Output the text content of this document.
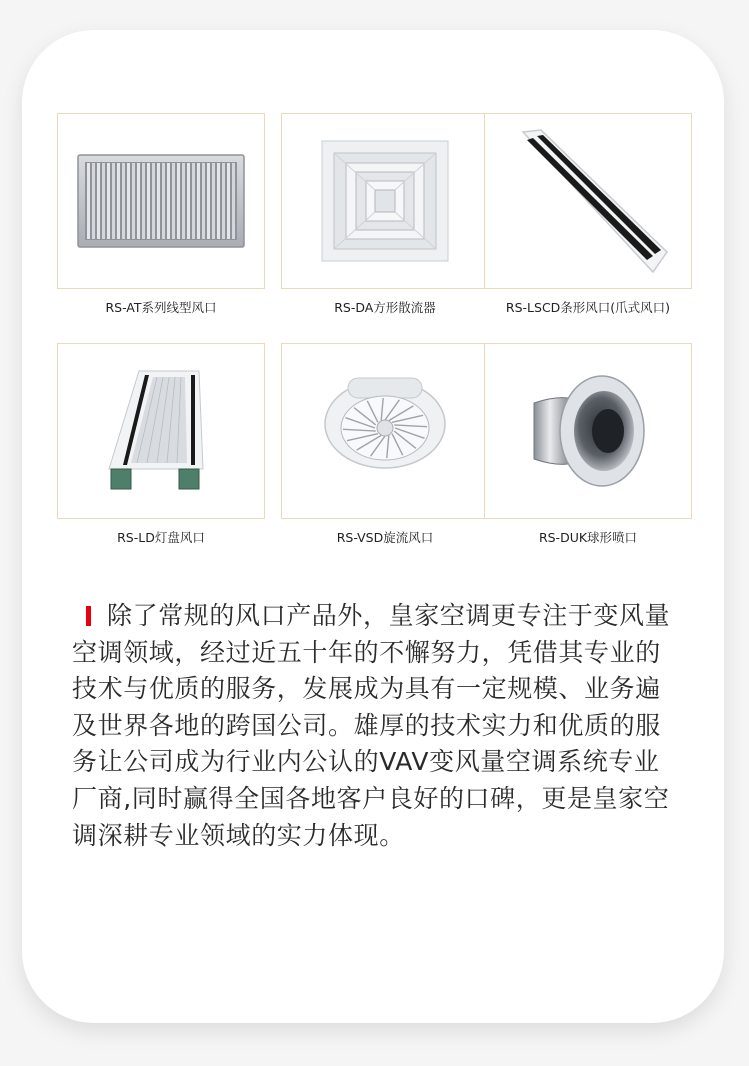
RS-AT系列线型风口	RS-DA方形散流器	RS-LSCD条形风口(爪式风口)
RS-LD灯盘风口	RS-VSD旋流风口	RS-DUK球形喷口
除了常规的风口产品外，皇家空调更专注于变风量空调领域，经过近五十年的不懈努力，凭借其专业的技术与优质的服务，发展成为具有一定规模、业务遍及世界各地的跨国公司。雄厚的技术实力和优质的服务让公司成为行业内公认的VAV变风量空调系统专业厂商,同时赢得全国各地客户良好的口碑，更是皇家空调深耕专业领域的实力体现。
